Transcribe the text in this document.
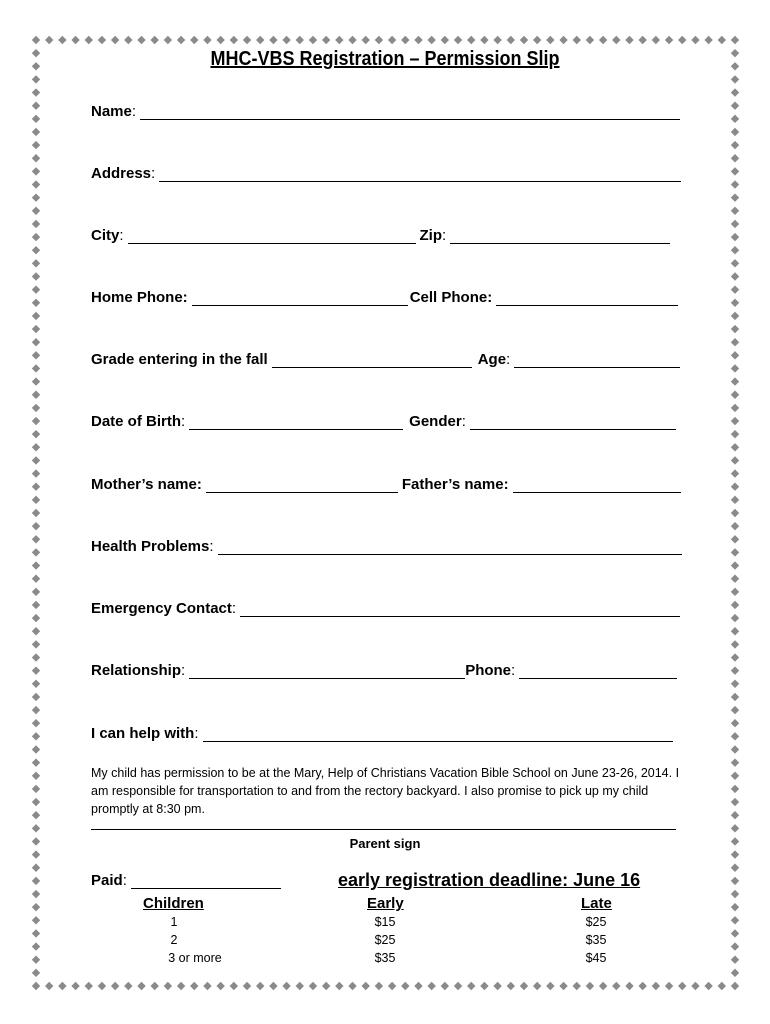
MHC-VBS Registration – Permission Slip
Name :
Address :
City :	Zip :
Home Phone:	Cell Phone:
Grade entering in the fall	Age :
Date of Birth :	Gender :
Mother’s name:	Father’s name:
Health Problems :
Emergency Contact :
Relationship :	Phone :
I can help with :
My child has permission to be at the Mary, Help of Christians Vacation Bible School on June 23-26, 2014. I am responsible for transportation to and from the rectory backyard. I also promise to pick up my child promptly at 8:30 pm.
Parent sign
Paid :	early registration deadline: June 16
Children	Early	Late
1	$15	$25
2	$25	$35
3 or more	$35	$45
